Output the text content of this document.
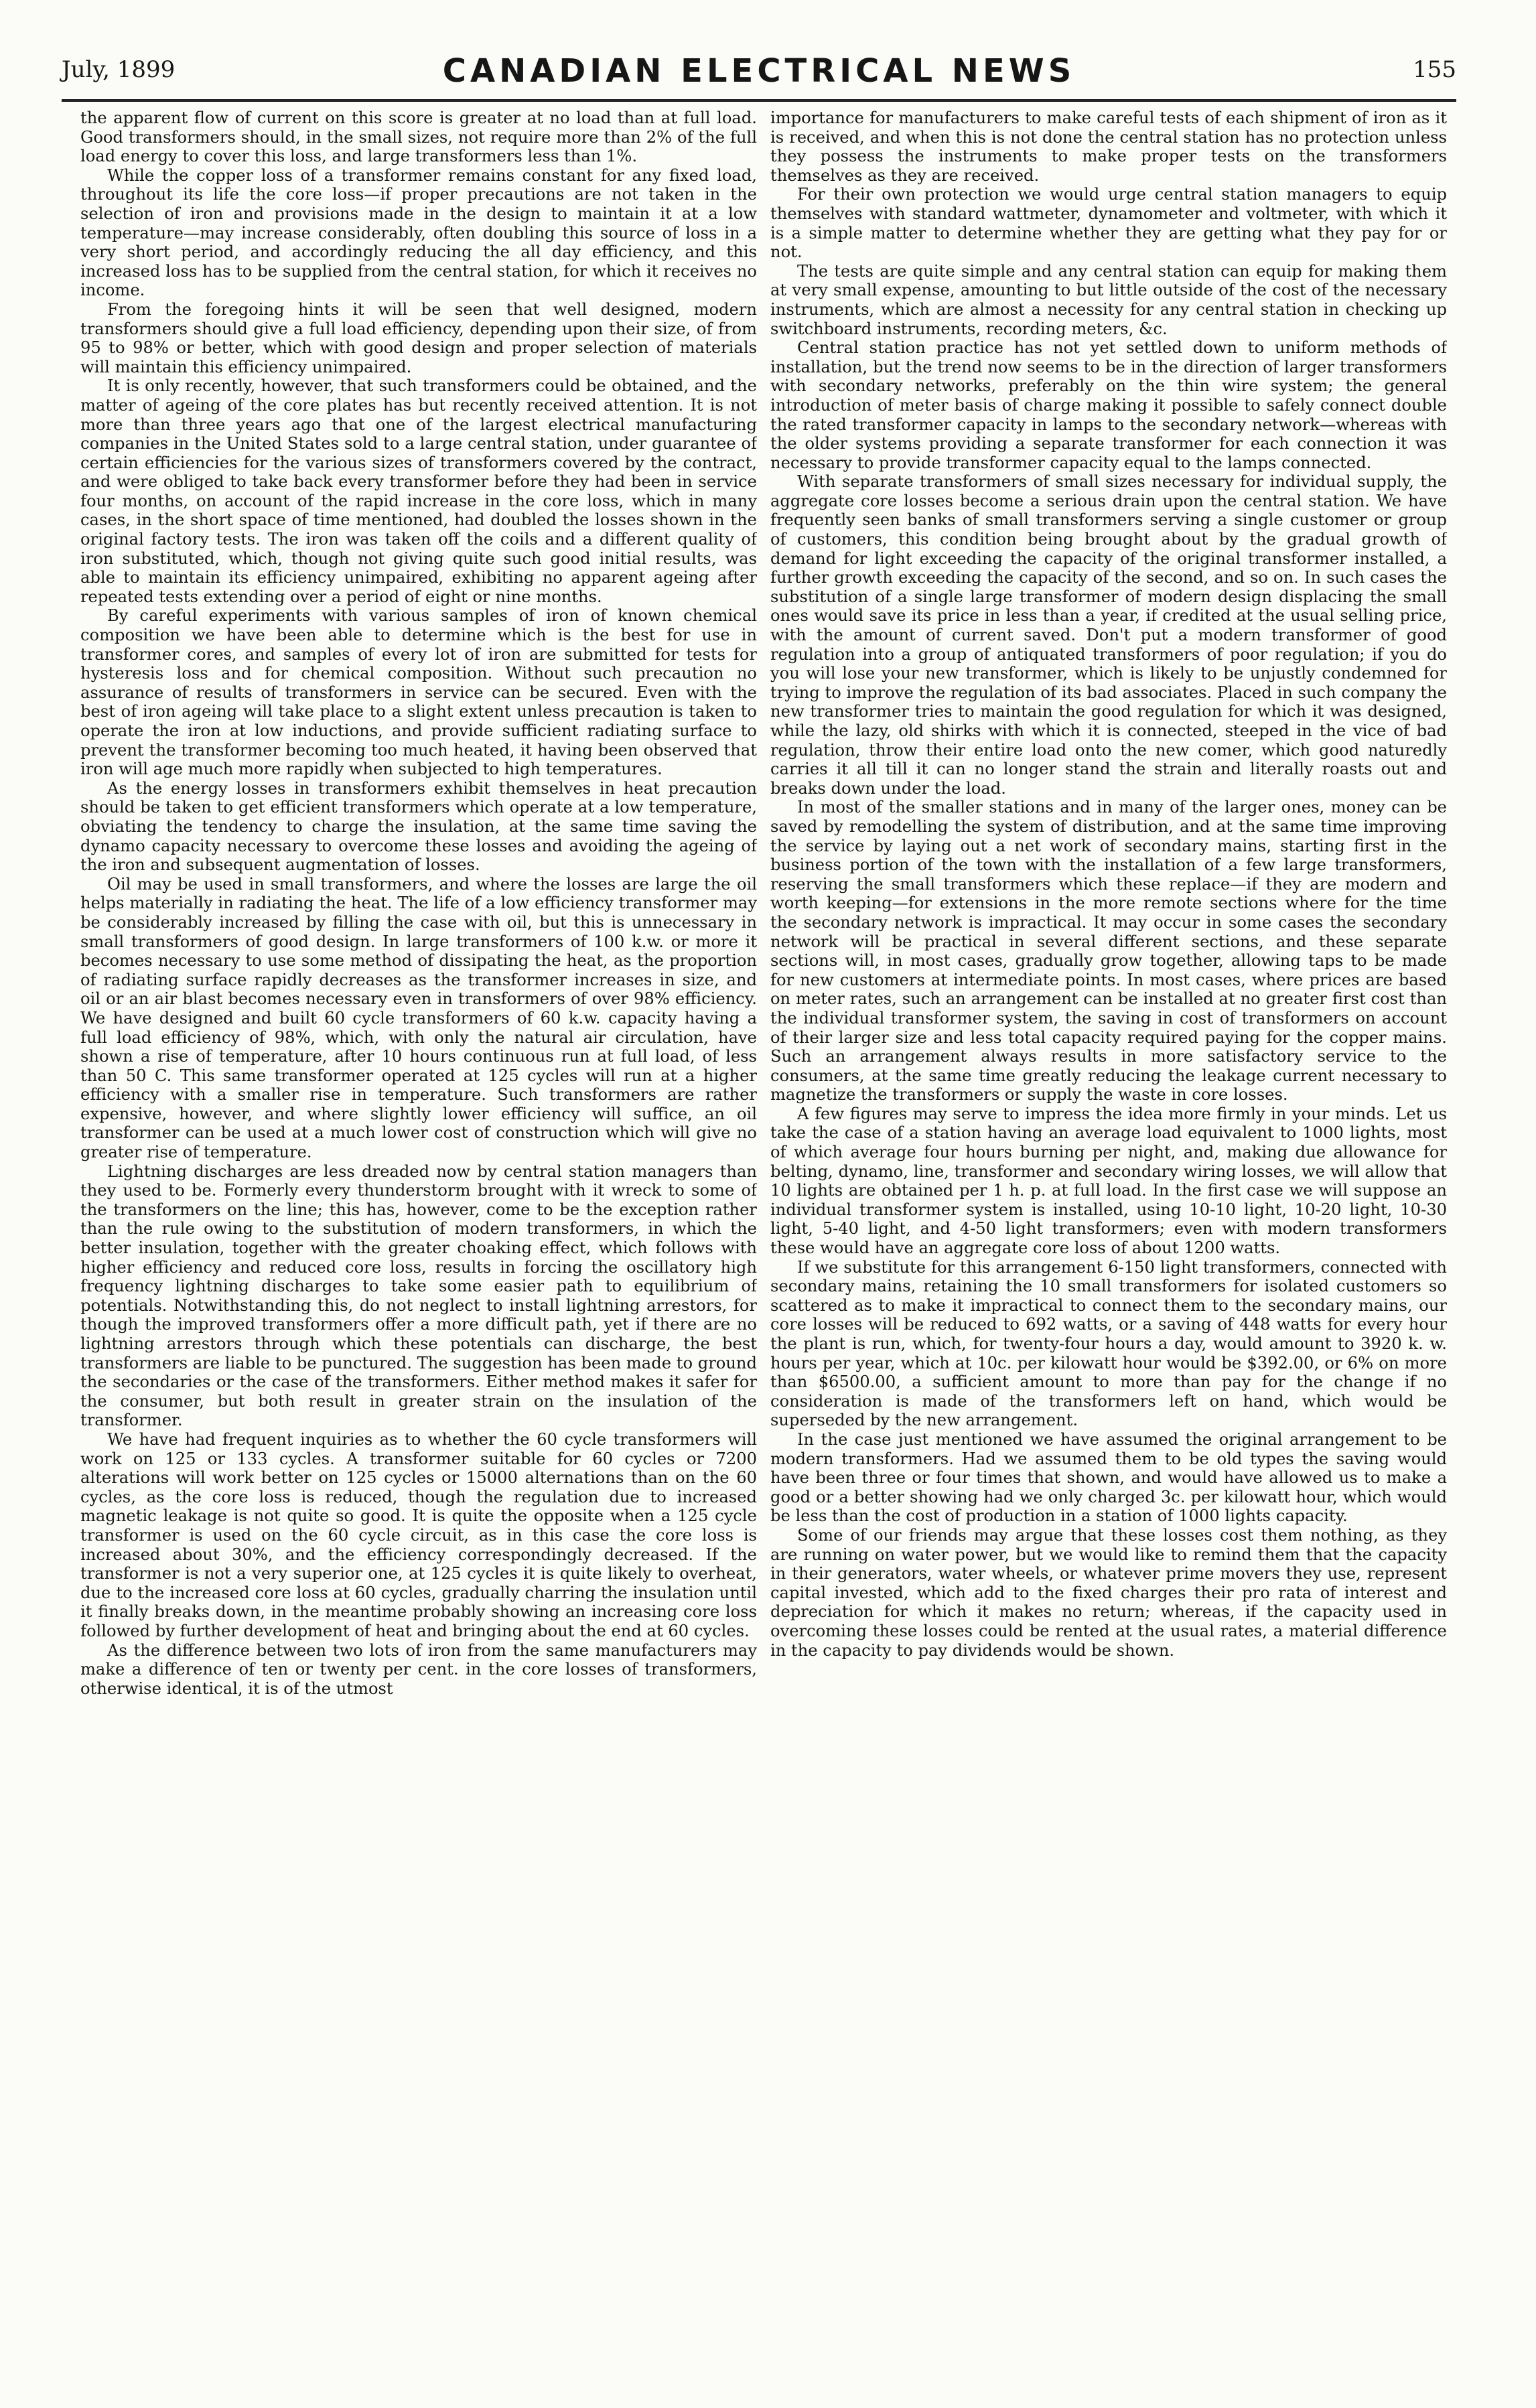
July, 1899	CANADIAN ELECTRICAL NEWS	155

the apparent flow of current on this score is greater at no load than at full load. Good transformers should, in the small sizes, not require more than 2% of the full load energy to cover this loss, and large transformers less than 1%.

While the copper loss of a transformer remains constant for any fixed load, throughout its life the core loss—if proper precautions are not taken in the selection of iron and provisions made in the design to maintain it at a low temperature—may increase considerably, often doubling this source of loss in a very short period, and accordingly reducing the all day efficiency, and this increased loss has to be supplied from the central station, for which it receives no income.

From the foregoing hints it will be seen that well designed, modern transformers should give a full load efficiency, depending upon their size, of from 95 to 98% or better, which with good design and proper selection of materials will maintain this efficiency unimpaired.

It is only recently, however, that such transformers could be obtained, and the matter of ageing of the core plates has but recently received attention. It is not more than three years ago that one of the largest electrical manufacturing companies in the United States sold to a large central station, under guarantee of certain efficiencies for the various sizes of transformers covered by the contract, and were obliged to take back every transformer before they had been in service four months, on account of the rapid increase in the core loss, which in many cases, in the short space of time mentioned, had doubled the losses shown in the original factory tests. The iron was taken off the coils and a different quality of iron substituted, which, though not giving quite such good initial results, was able to maintain its efficiency unimpaired, exhibiting no apparent ageing after repeated tests extending over a period of eight or nine months.

By careful experiments with various samples of iron of known chemical composition we have been able to determine which is the best for use in transformer cores, and samples of every lot of iron are submitted for tests for hysteresis loss and for chemical composition. Without such precaution no assurance of results of transformers in service can be secured. Even with the best of iron ageing will take place to a slight extent unless precaution is taken to operate the iron at low inductions, and provide sufficient radiating surface to prevent the transformer becoming too much heated, it having been observed that iron will age much more rapidly when subjected to high temperatures.

As the energy losses in transformers exhibit themselves in heat precaution should be taken to get efficient transformers which operate at a low temperature, obviating the tendency to charge the insulation, at the same time saving the dynamo capacity necessary to overcome these losses and avoiding the ageing of the iron and subsequent augmentation of losses.

Oil may be used in small transformers, and where the losses are large the oil helps materially in radiating the heat. The life of a low efficiency transformer may be considerably increased by filling the case with oil, but this is unnecessary in small transformers of good design. In large transformers of 100 k.w. or more it becomes necessary to use some method of dissipating the heat, as the proportion of radiating surface rapidly decreases as the transformer increases in size, and oil or an air blast becomes necessary even in transformers of over 98% efficiency. We have designed and built 60 cycle transformers of 60 k.w. capacity having a full load efficiency of 98%, which, with only the natural air circulation, have shown a rise of temperature, after 10 hours continuous run at full load, of less than 50 C. This same transformer operated at 125 cycles will run at a higher efficiency with a smaller rise in temperature. Such transformers are rather expensive, however, and where slightly lower efficiency will suffice, an oil transformer can be used at a much lower cost of construction which will give no greater rise of temperature.

Lightning discharges are less dreaded now by central station managers than they used to be. Formerly every thunderstorm brought with it wreck to some of the transformers on the line; this has, however, come to be the exception rather than the rule owing to the substitution of modern transformers, in which the better insulation, together with the greater choaking effect, which follows with higher efficiency and reduced core loss, results in forcing the oscillatory high frequency lightning discharges to take some easier path to equilibrium of potentials. Notwithstanding this, do not neglect to install lightning arrestors, for though the improved transformers offer a more difficult path, yet if there are no lightning arrestors through which these potentials can discharge, the best transformers are liable to be punctured. The suggestion has been made to ground the secondaries or the case of the transformers. Either method makes it safer for the consumer, but both result in greater strain on the insulation of the transformer.

We have had frequent inquiries as to whether the 60 cycle transformers will work on 125 or 133 cycles. A transformer suitable for 60 cycles or 7200 alterations will work better on 125 cycles or 15000 alternations than on the 60 cycles, as the core loss is reduced, though the regulation due to increased magnetic leakage is not quite so good. It is quite the opposite when a 125 cycle transformer is used on the 60 cycle circuit, as in this case the core loss is increased about 30%, and the efficiency correspondingly decreased. If the transformer is not a very superior one, at 125 cycles it is quite likely to overheat, due to the increased core loss at 60 cycles, gradually charring the insulation until it finally breaks down, in the meantime probably showing an increasing core loss followed by further development of heat and bringing about the end at 60 cycles.

As the difference between two lots of iron from the same manufacturers may make a difference of ten or twenty per cent. in the core losses of transformers, otherwise identical, it is of the utmost

importance for manufacturers to make careful tests of each shipment of iron as it is received, and when this is not done the central station has no protection unless they possess the instruments to make proper tests on the transformers themselves as they are received.

For their own protection we would urge central station managers to equip themselves with standard wattmeter, dynamometer and voltmeter, with which it is a simple matter to determine whether they are getting what they pay for or not.

The tests are quite simple and any central station can equip for making them at very small expense, amounting to but little outside of the cost of the necessary instruments, which are almost a necessity for any central station in checking up switchboard instruments, recording meters, &c.

Central station practice has not yet settled down to uniform methods of installation, but the trend now seems to be in the direction of larger transformers with secondary networks, preferably on the thin wire system; the general introduction of meter basis of charge making it possible to safely connect double the rated transformer capacity in lamps to the secondary network—whereas with the older systems providing a separate transformer for each connection it was necessary to provide transformer capacity equal to the lamps connected.

With separate transformers of small sizes necessary for individual supply, the aggregate core losses become a serious drain upon the central station. We have frequently seen banks of small transformers serving a single customer or group of customers, this condition being brought about by the gradual growth of demand for light exceeding the capacity of the original transformer installed, a further growth exceeding the capacity of the second, and so on. In such cases the substitution of a single large transformer of modern design displacing the small ones would save its price in less than a year, if credited at the usual selling price, with the amount of current saved. Don't put a modern transformer of good regulation into a group of antiquated transformers of poor regulation; if you do you will lose your new transformer, which is likely to be unjustly condemned for trying to improve the regulation of its bad associates. Placed in such company the new transformer tries to maintain the good regulation for which it was designed, while the lazy, old shirks with which it is connected, steeped in the vice of bad regulation, throw their entire load onto the new comer, which good naturedly carries it all till it can no longer stand the strain and literally roasts out and breaks down under the load.

In most of the smaller stations and in many of the larger ones, money can be saved by remodelling the system of distribution, and at the same time improving the service by laying out a net work of secondary mains, starting first in the business portion of the town with the installation of a few large transformers, reserving the small transformers which these replace—if they are modern and worth keeping—for extensions in the more remote sections where for the time the secondary network is impractical. It may occur in some cases the secondary network will be practical in several different sections, and these separate sections will, in most cases, gradually grow together, allowing taps to be made for new customers at intermediate points. In most cases, where prices are based on meter rates, such an arrangement can be installed at no greater first cost than the individual transformer system, the saving in cost of transformers on account of their larger size and less total capacity required paying for the copper mains. Such an arrangement always results in more satisfactory service to the consumers, at the same time greatly reducing the leakage current necessary to magnetize the transformers or supply the waste in core losses.

A few figures may serve to impress the idea more firmly in your minds. Let us take the case of a station having an average load equivalent to 1000 lights, most of which average four hours burning per night, and, making due allowance for belting, dynamo, line, transformer and secondary wiring losses, we will allow that 10 lights are obtained per 1 h. p. at full load. In the first case we will suppose an individual transformer system is installed, using 10-10 light, 10-20 light, 10-30 light, 5-40 light, and 4-50 light transformers; even with modern transformers these would have an aggregate core loss of about 1200 watts.

If we substitute for this arrangement 6-150 light transformers, connected with secondary mains, retaining the 10 small transformers for isolated customers so scattered as to make it impractical to connect them to the secondary mains, our core losses will be reduced to 692 watts, or a saving of 448 watts for every hour the plant is run, which, for twenty-four hours a day, would amount to 3920 k. w. hours per year, which at 10c. per kilowatt hour would be $392.00, or 6% on more than $6500.00, a sufficient amount to more than pay for the change if no consideration is made of the transformers left on hand, which would be superseded by the new arrangement.

In the case just mentioned we have assumed the original arrangement to be modern transformers. Had we assumed them to be old types the saving would have been three or four times that shown, and would have allowed us to make a good or a better showing had we only charged 3c. per kilowatt hour, which would be less than the cost of production in a station of 1000 lights capacity.

Some of our friends may argue that these losses cost them nothing, as they are running on water power, but we would like to remind them that the capacity in their generators, water wheels, or whatever prime movers they use, represent capital invested, which add to the fixed charges their pro rata of interest and depreciation for which it makes no return; whereas, if the capacity used in overcoming these losses could be rented at the usual rates, a material difference in the capacity to pay dividends would be shown.
